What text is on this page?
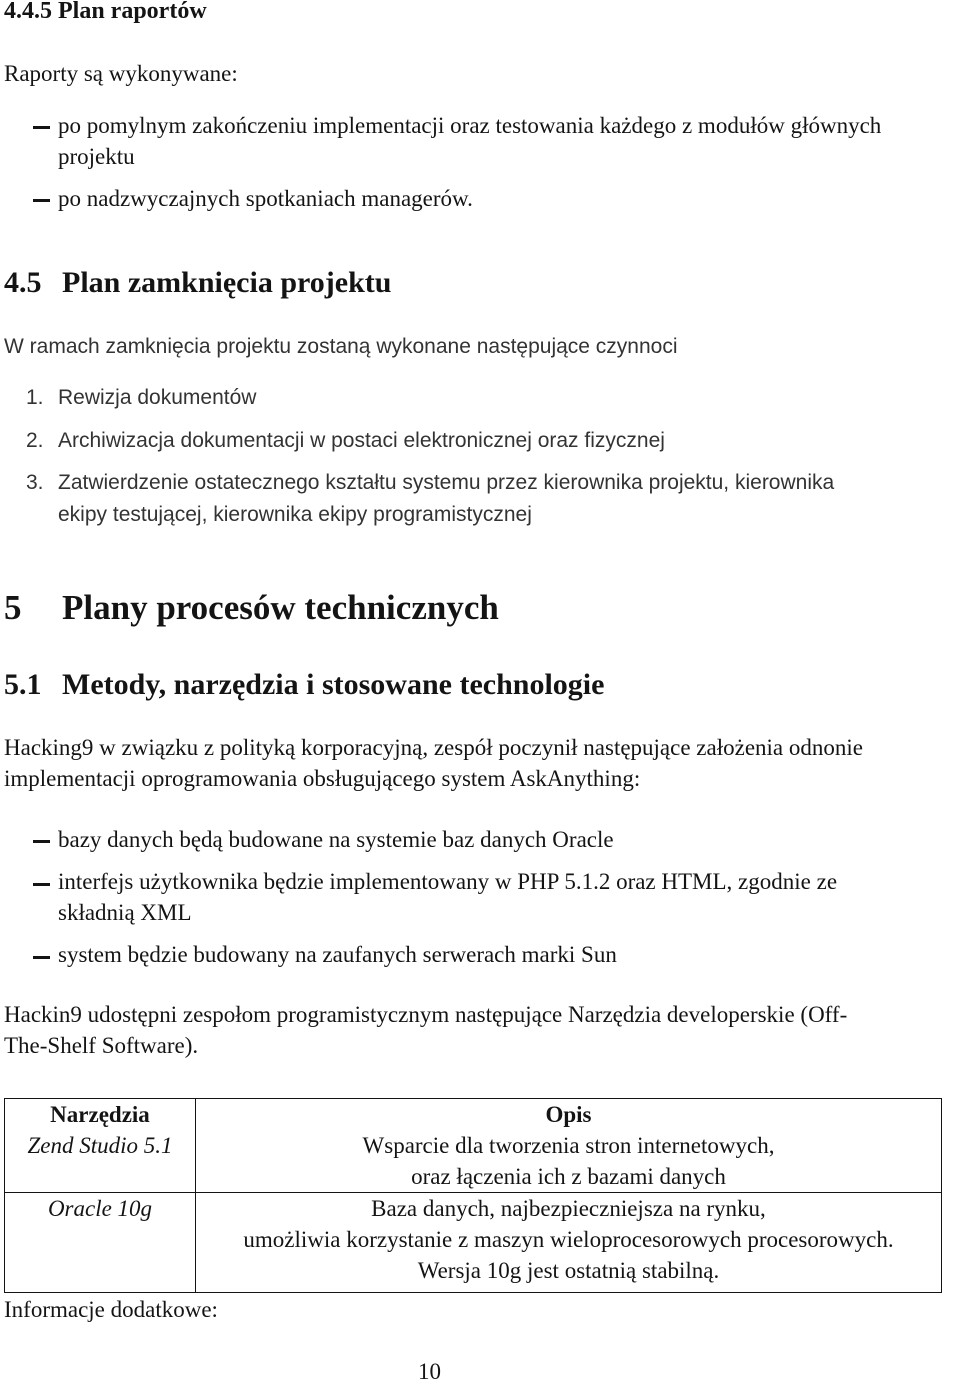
4.4.5 Plan raportów
Raporty są wykonywane:
po pomylnym zakończeniu implementacji oraz testowania każdego z modułów głównych
projektu
po nadzwyczajnych spotkaniach managerów.
4.5 Plan zamknięcia projektu
W ramach zamknięcia projektu zostaną wykonane następujące czynnoci
1. Rewizja dokumentów
2. Archiwizacja dokumentacji w postaci elektronicznej oraz fizycznej
3. Zatwierdzenie ostatecznego kształtu systemu przez kierownika projektu, kierownika
ekipy testującej, kierownika ekipy programistycznej
5 Plany procesów technicznych
5.1 Metody, narzędzia i stosowane technologie
Hacking9 w związku z polityką korporacyjną, zespół poczynił następujące założenia odnonie
implementacji oprogramowania obsługującego system AskAnything:
bazy danych będą budowane na systemie baz danych Oracle
interfejs użytkownika będzie implementowany w PHP 5.1.2 oraz HTML, zgodnie ze
składnią XML
system będzie budowany na zaufanych serwerach marki Sun
Hackin9 udostępni zespołom programistycznym następujące Narzędzia developerskie (Off-
The-Shelf Software).
Narzędzia	Opis
Zend Studio 5.1	Wsparcie dla tworzenia stron internetowych,
oraz łączenia ich z bazami danych

Oracle 10g	Baza danych, najbezpieczniejsza na rynku,
umożliwia korzystanie z maszyn wieloprocesorowych procesorowych.
Wersja 10g jest ostatnią stabilną.
Informacje dodatkowe:
10
